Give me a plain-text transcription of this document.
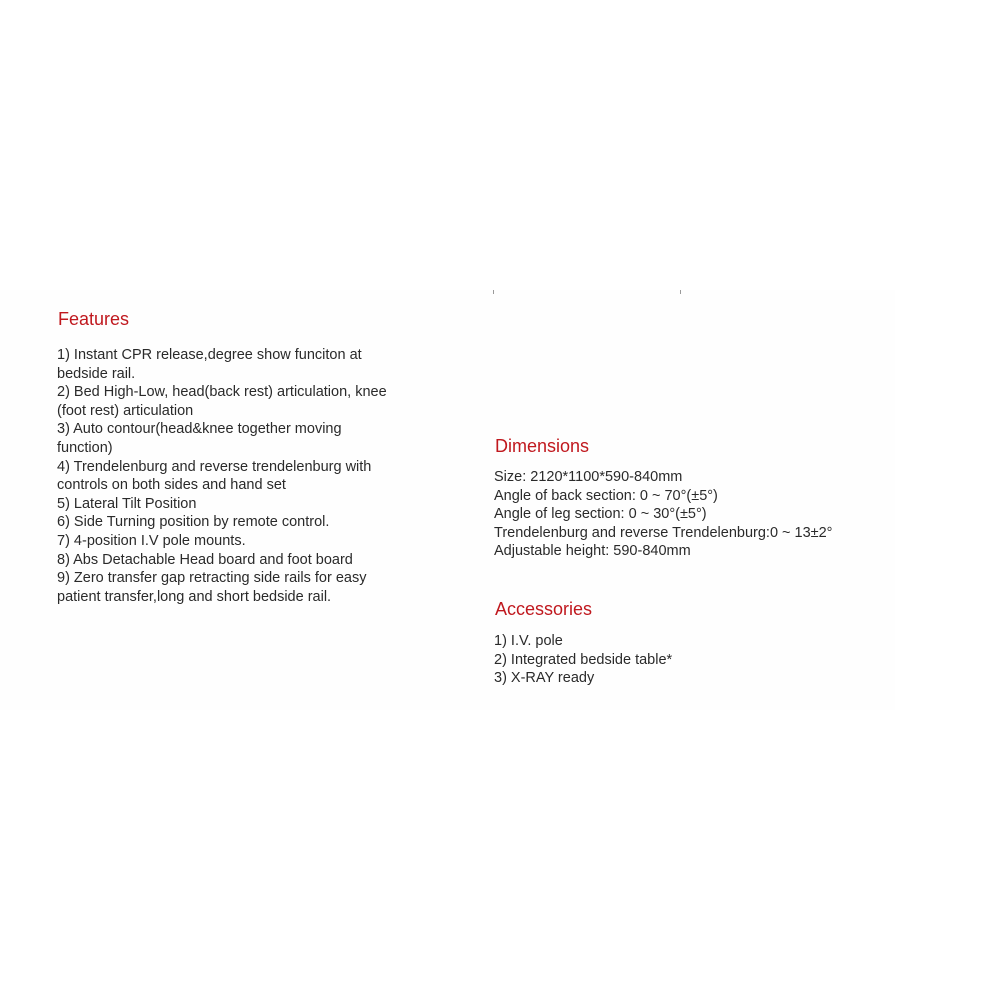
Features
1) Instant CPR release,degree show funciton at
bedside rail.
2) Bed High-Low, head(back rest) articulation, knee
(foot rest) articulation
3) Auto contour(head&knee together moving
function)
4) Trendelenburg and reverse trendelenburg with
controls on both sides and hand set
5) Lateral Tilt Position
6) Side Turning position by remote control.
7) 4-position I.V pole mounts.
8) Abs Detachable Head board and foot board
9) Zero transfer gap retracting side rails for easy
patient transfer,long and short bedside rail.
Dimensions
Size: 2120*1100*590-840mm
Angle of back section: 0 ~ 70°(±5°)
Angle of leg section: 0 ~ 30°(±5°)
Trendelenburg and reverse Trendelenburg:0 ~ 13±2°
Adjustable height: 590-840mm
Accessories
1) I.V. pole
2) Integrated bedside table*
3) X-RAY ready
